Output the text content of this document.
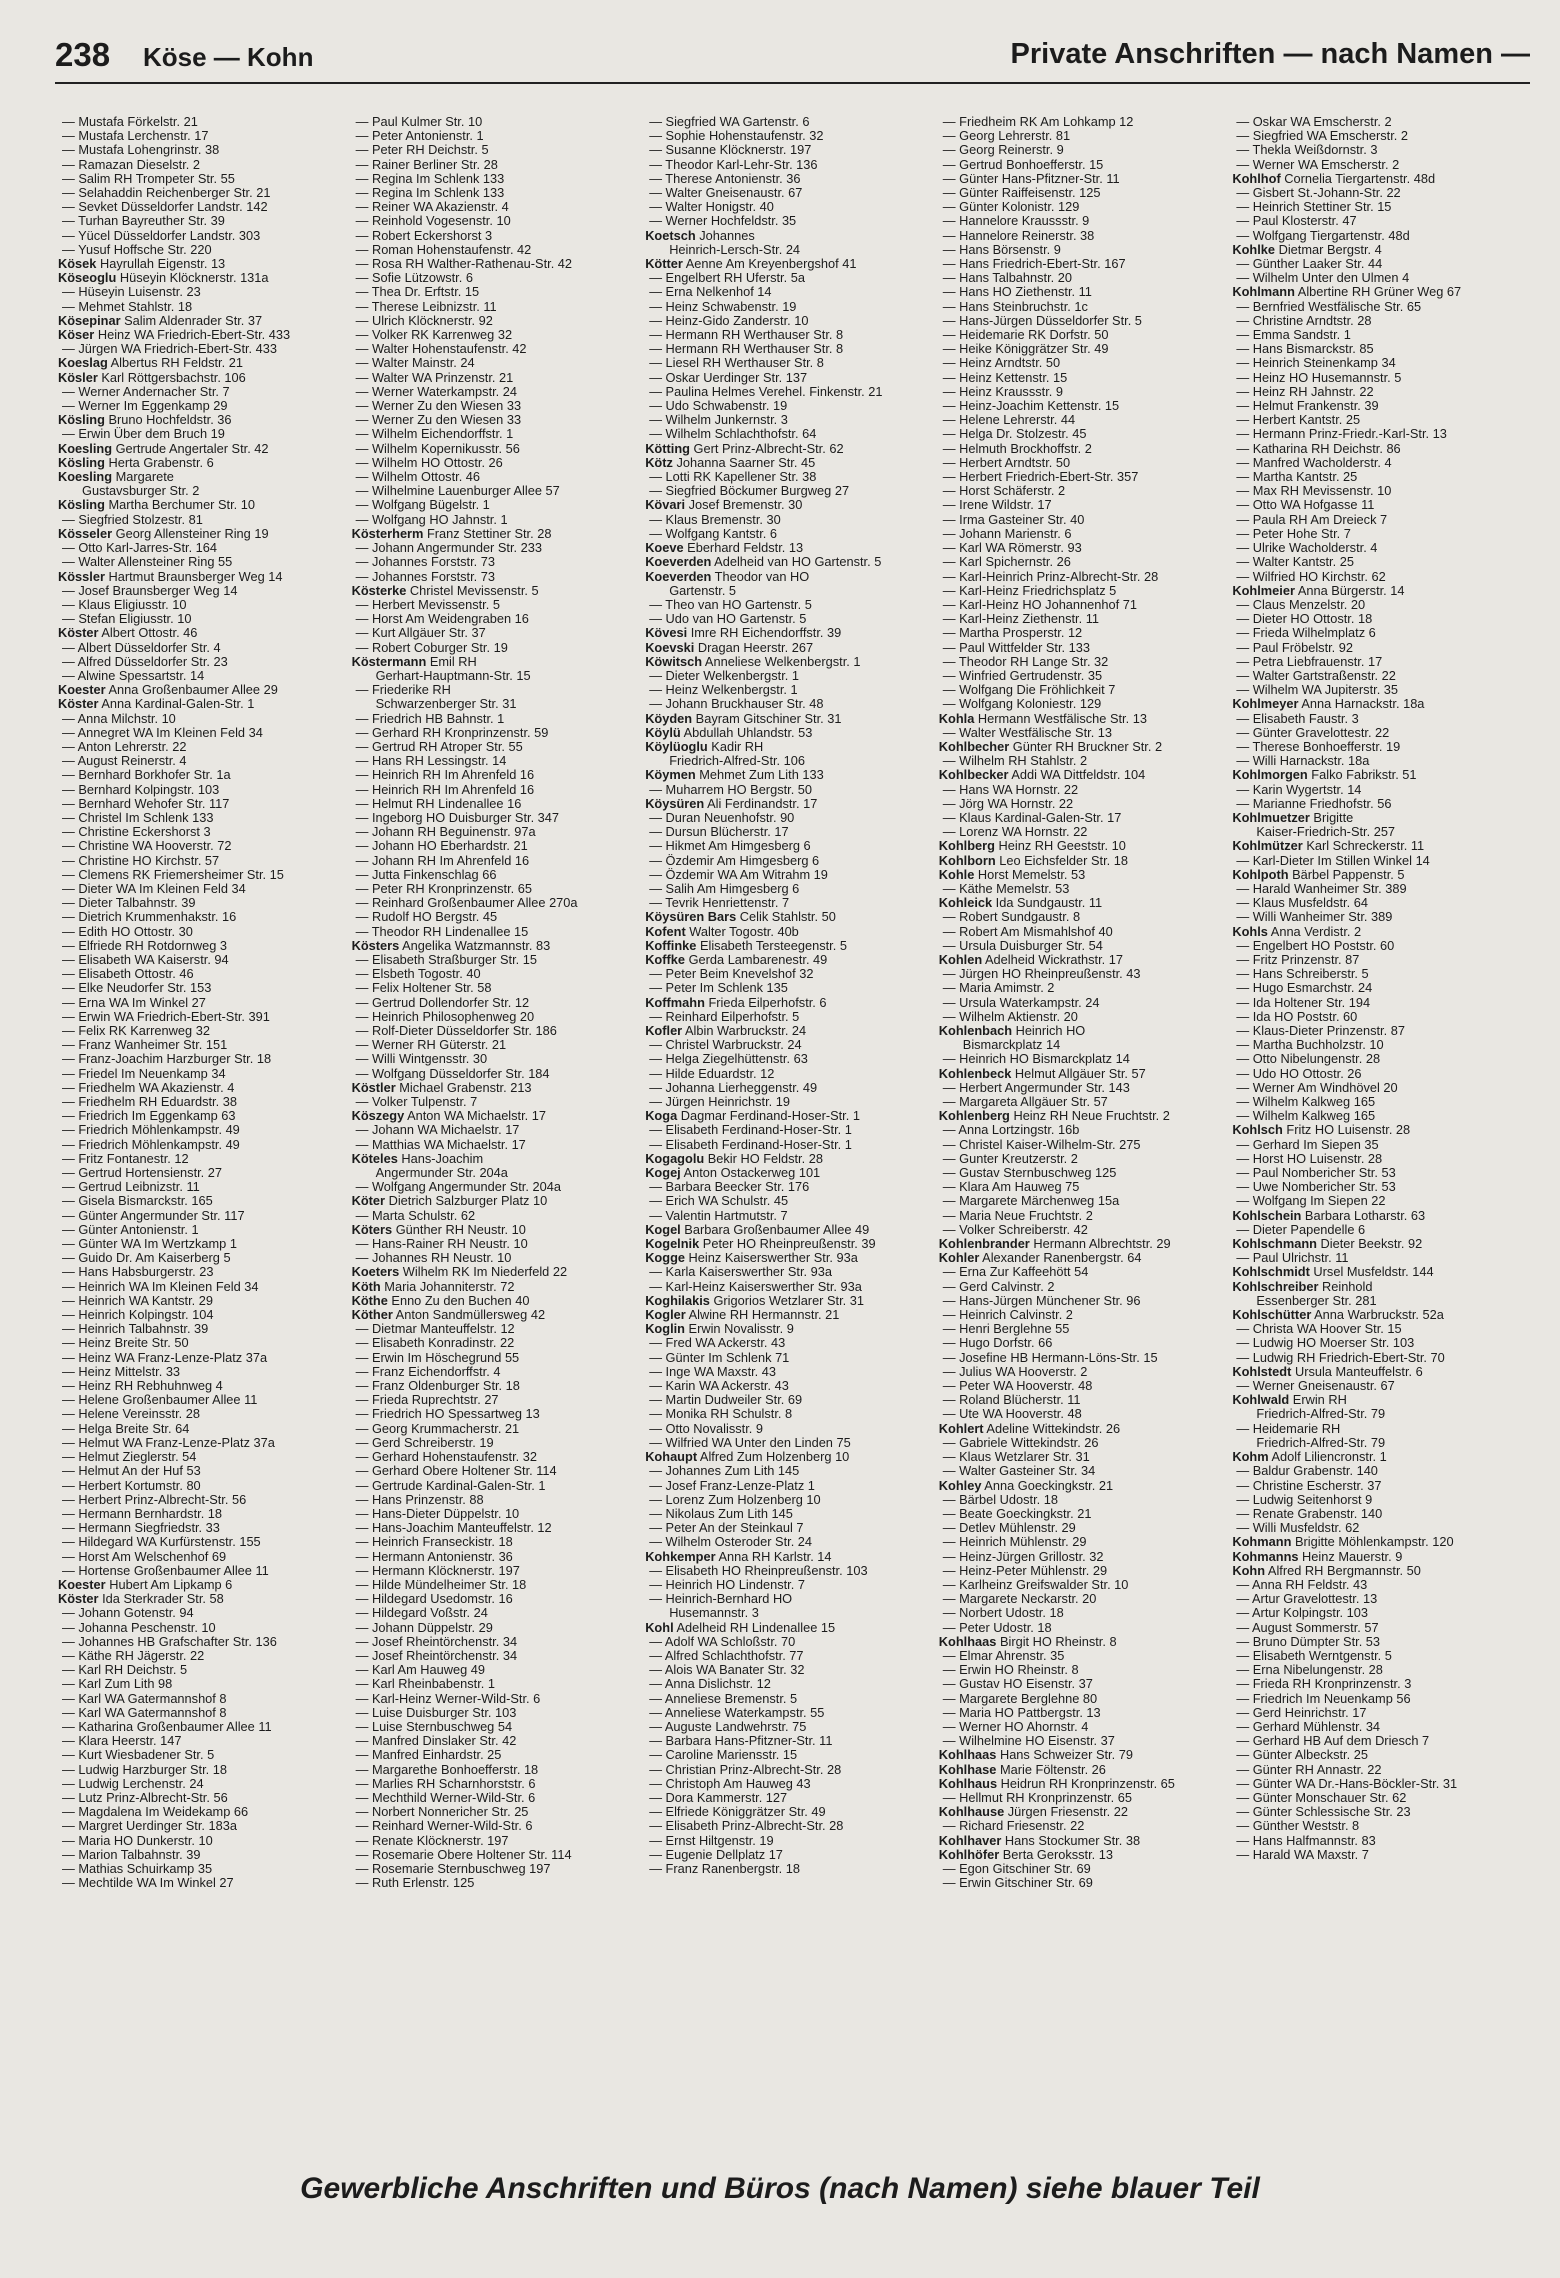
238 Köse — Kohn	Private Anschriften — nach Namen —
— Mustafa Förkelstr. 21
— Mustafa Lerchenstr. 17
— Mustafa Lohengrinstr. 38
— Ramazan Dieselstr. 2
— Salim RH Trompeter Str. 55
— Selahaddin Reichenberger Str. 21
— Sevket Düsseldorfer Landstr. 142
— Turhan Bayreuther Str. 39
— Yücel Düsseldorfer Landstr. 303
— Yusuf Hoffsche Str. 220
Kösek Hayrullah Eigenstr. 13
Köseoglu Hüseyin Klöcknerstr. 131a
— Hüseyin Luisenstr. 23
— Mehmet Stahlstr. 18
Kösepinar Salim Aldenrader Str. 37
Köser Heinz WA Friedrich-Ebert-Str. 433
— Jürgen WA Friedrich-Ebert-Str. 433
Koeslag Albertus RH Feldstr. 21
Kösler Karl Röttgersbachstr. 106
— Werner Andernacher Str. 7
— Werner Im Eggenkamp 29
Kösling Bruno Hochfeldstr. 36
— Erwin Über dem Bruch 19
Koesling Gertrude Angertaler Str. 42
Kösling Herta Grabenstr. 6
Koesling Margarete
Gustavsburger Str. 2
Kösling Martha Berchumer Str. 10
— Siegfried Stolzestr. 81
Kösseler Georg Allensteiner Ring 19
— Otto Karl-Jarres-Str. 164
— Walter Allensteiner Ring 55
Kössler Hartmut Braunsberger Weg 14
— Josef Braunsberger Weg 14
— Klaus Eligiusstr. 10
— Stefan Eligiusstr. 10
Köster Albert Ottostr. 46
— Albert Düsseldorfer Str. 4
— Alfred Düsseldorfer Str. 23
— Alwine Spessartstr. 14
Koester Anna Großenbaumer Allee 29
Köster Anna Kardinal-Galen-Str. 1
— Anna Milchstr. 10
— Annegret WA Im Kleinen Feld 34
— Anton Lehrerstr. 22
— August Reinerstr. 4
— Bernhard Borkhofer Str. 1a
— Bernhard Kolpingstr. 103
— Bernhard Wehofer Str. 117
— Christel Im Schlenk 133
— Christine Eckershorst 3
— Christine WA Hooverstr. 72
— Christine HO Kirchstr. 57
— Clemens RK Friemersheimer Str. 15
— Dieter WA Im Kleinen Feld 34
— Dieter Talbahnstr. 39
— Dietrich Krummenhakstr. 16
— Edith HO Ottostr. 30
— Elfriede RH Rotdornweg 3
— Elisabeth WA Kaiserstr. 94
— Elisabeth Ottostr. 46
— Elke Neudorfer Str. 153
— Erna WA Im Winkel 27
— Erwin WA Friedrich-Ebert-Str. 391
— Felix RK Karrenweg 32
— Franz Wanheimer Str. 151
— Franz-Joachim Harzburger Str. 18
— Friedel Im Neuenkamp 34
— Friedhelm WA Akazienstr. 4
— Friedhelm RH Eduardstr. 38
— Friedrich Im Eggenkamp 63
— Friedrich Möhlenkampstr. 49
— Friedrich Möhlenkampstr. 49
— Fritz Fontanestr. 12
— Gertrud Hortensienstr. 27
— Gertrud Leibnizstr. 11
— Gisela Bismarckstr. 165
— Günter Angermunder Str. 117
— Günter Antonienstr. 1
— Günter WA Im Wertzkamp 1
— Guido Dr. Am Kaiserberg 5
— Hans Habsburgerstr. 23
— Heinrich WA Im Kleinen Feld 34
— Heinrich WA Kantstr. 29
— Heinrich Kolpingstr. 104
— Heinrich Talbahnstr. 39
— Heinz Breite Str. 50
— Heinz WA Franz-Lenze-Platz 37a
— Heinz Mittelstr. 33
— Heinz RH Rebhuhnweg 4
— Helene Großenbaumer Allee 11
— Helene Vereinsstr. 28
— Helga Breite Str. 64
— Helmut WA Franz-Lenze-Platz 37a
— Helmut Zieglerstr. 54
— Helmut An der Huf 53
— Herbert Kortumstr. 80
— Herbert Prinz-Albrecht-Str. 56
— Hermann Bernhardstr. 18
— Hermann Siegfriedstr. 33
— Hildegard WA Kurfürstenstr. 155
— Horst Am Welschenhof 69
— Hortense Großenbaumer Allee 11
Koester Hubert Am Lipkamp 6
Köster Ida Sterkrader Str. 58
— Johann Gotenstr. 94
— Johanna Peschenstr. 10
— Johannes HB Grafschafter Str. 136
— Käthe RH Jägerstr. 22
— Karl RH Deichstr. 5
— Karl Zum Lith 98
— Karl WA Gatermannshof 8
— Karl WA Gatermannshof 8
— Katharina Großenbaumer Allee 11
— Klara Heerstr. 147
— Kurt Wiesbadener Str. 5
— Ludwig Harzburger Str. 18
— Ludwig Lerchenstr. 24
— Lutz Prinz-Albrecht-Str. 56
— Magdalena Im Weidekamp 66
— Margret Uerdinger Str. 183a
— Maria HO Dunkerstr. 10
— Marion Talbahnstr. 39
— Mathias Schuirkamp 35
— Mechtilde WA Im Winkel 27
— Paul Kulmer Str. 10
— Peter Antonienstr. 1
— Peter RH Deichstr. 5
— Rainer Berliner Str. 28
— Regina Im Schlenk 133
— Regina Im Schlenk 133
— Reiner WA Akazienstr. 4
— Reinhold Vogesenstr. 10
— Robert Eckershorst 3
— Roman Hohenstaufenstr. 42
— Rosa RH Walther-Rathenau-Str. 42
— Sofie Lützowstr. 6
— Thea Dr. Erftstr. 15
— Therese Leibnizstr. 11
— Ulrich Klöcknerstr. 92
— Volker RK Karrenweg 32
— Walter Hohenstaufenstr. 42
— Walter Mainstr. 24
— Walter WA Prinzenstr. 21
— Werner Waterkampstr. 24
— Werner Zu den Wiesen 33
— Werner Zu den Wiesen 33
— Wilhelm Eichendorffstr. 1
— Wilhelm Kopernikusstr. 56
— Wilhelm HO Ottostr. 26
— Wilhelm Ottostr. 46
— Wilhelmine Lauenburger Allee 57
— Wolfgang Bügelstr. 1
— Wolfgang HO Jahnstr. 1
Kösterherm Franz Stettiner Str. 28
— Johann Angermunder Str. 233
— Johannes Forststr. 73
— Johannes Forststr. 73
Kösterke Christel Mevissenstr. 5
— Herbert Mevissenstr. 5
— Horst Am Weidengraben 16
— Kurt Allgäuer Str. 37
— Robert Coburger Str. 19
Köstermann Emil RH
Gerhart-Hauptmann-Str. 15
— Friederike RH
Schwarzenberger Str. 31
— Friedrich HB Bahnstr. 1
— Gerhard RH Kronprinzenstr. 59
— Gertrud RH Atroper Str. 55
— Hans RH Lessingstr. 14
— Heinrich RH Im Ahrenfeld 16
— Heinrich RH Im Ahrenfeld 16
— Helmut RH Lindenallee 16
— Ingeborg HO Duisburger Str. 347
— Johann RH Beguinenstr. 97a
— Johann HO Eberhardstr. 21
— Johann RH Im Ahrenfeld 16
— Jutta Finkenschlag 66
— Peter RH Kronprinzenstr. 65
— Reinhard Großenbaumer Allee 270a
— Rudolf HO Bergstr. 45
— Theodor RH Lindenallee 15
Kösters Angelika Watzmannstr. 83
— Elisabeth Straßburger Str. 15
— Elsbeth Togostr. 40
— Felix Holtener Str. 58
— Gertrud Dollendorfer Str. 12
— Heinrich Philosophenweg 20
— Rolf-Dieter Düsseldorfer Str. 186
— Werner RH Güterstr. 21
— Willi Wintgensstr. 30
— Wolfgang Düsseldorfer Str. 184
Köstler Michael Grabenstr. 213
— Volker Tulpenstr. 7
Köszegy Anton WA Michaelstr. 17
— Johann WA Michaelstr. 17
— Matthias WA Michaelstr. 17
Köteles Hans-Joachim
Angermunder Str. 204a
— Wolfgang Angermunder Str. 204a
Köter Dietrich Salzburger Platz 10
— Marta Schulstr. 62
Köters Günther RH Neustr. 10
— Hans-Rainer RH Neustr. 10
— Johannes RH Neustr. 10
Koeters Wilhelm RK Im Niederfeld 22
Köth Maria Johanniterstr. 72
Köthe Enno Zu den Buchen 40
Köther Anton Sandmüllersweg 42
— Dietmar Manteuffelstr. 12
— Elisabeth Konradinstr. 22
— Erwin Im Höschegrund 55
— Franz Eichendorffstr. 4
— Franz Oldenburger Str. 18
— Frieda Ruprechtstr. 27
— Friedrich HO Spessartweg 13
— Georg Krummacherstr. 21
— Gerd Schreiberstr. 19
— Gerhard Hohenstaufenstr. 32
— Gerhard Obere Holtener Str. 114
— Gertrude Kardinal-Galen-Str. 1
— Hans Prinzenstr. 88
— Hans-Dieter Düppelstr. 10
— Hans-Joachim Manteuffelstr. 12
— Heinrich Franseckistr. 18
— Hermann Antonienstr. 36
— Hermann Klöcknerstr. 197
— Hilde Mündelheimer Str. 18
— Hildegard Usedomstr. 16
— Hildegard Voßstr. 24
— Johann Düppelstr. 29
— Josef Rheintörchenstr. 34
— Josef Rheintörchenstr. 34
— Karl Am Hauweg 49
— Karl Rheinbabenstr. 1
— Karl-Heinz Werner-Wild-Str. 6
— Luise Duisburger Str. 103
— Luise Sternbuschweg 54
— Manfred Dinslaker Str. 42
— Manfred Einhardstr. 25
— Margarethe Bonhoefferstr. 18
— Marlies RH Scharnhorststr. 6
— Mechthild Werner-Wild-Str. 6
— Norbert Nonnericher Str. 25
— Reinhard Werner-Wild-Str. 6
— Renate Klöcknerstr. 197
— Rosemarie Obere Holtener Str. 114
— Rosemarie Sternbuschweg 197
— Ruth Erlenstr. 125
— Siegfried WA Gartenstr. 6
— Sophie Hohenstaufenstr. 32
— Susanne Klöcknerstr. 197
— Theodor Karl-Lehr-Str. 136
— Therese Antonienstr. 36
— Walter Gneisenaustr. 67
— Walter Honigstr. 40
— Werner Hochfeldstr. 35
Koetsch Johannes
Heinrich-Lersch-Str. 24
Kötter Aenne Am Kreyenbergshof 41
— Engelbert RH Uferstr. 5a
— Erna Nelkenhof 14
— Heinz Schwabenstr. 19
— Heinz-Gido Zanderstr. 10
— Hermann RH Werthauser Str. 8
— Hermann RH Werthauser Str. 8
— Liesel RH Werthauser Str. 8
— Oskar Uerdinger Str. 137
— Paulina Helmes Verehel. Finkenstr. 21
— Udo Schwabenstr. 19
— Wilhelm Junkernstr. 3
— Wilhelm Schlachthofstr. 64
Kötting Gert Prinz-Albrecht-Str. 62
Kötz Johanna Saarner Str. 45
— Lotti RK Kapellener Str. 38
— Siegfried Böckumer Burgweg 27
Kövari Josef Bremenstr. 30
— Klaus Bremenstr. 30
— Wolfgang Kantstr. 6
Koeve Eberhard Feldstr. 13
Koeverden Adelheid van HO Gartenstr. 5
Koeverden Theodor van HO
Gartenstr. 5
— Theo van HO Gartenstr. 5
— Udo van HO Gartenstr. 5
Kövesi Imre RH Eichendorffstr. 39
Koevski Dragan Heerstr. 267
Köwitsch Anneliese Welkenbergstr. 1
— Dieter Welkenbergstr. 1
— Heinz Welkenbergstr. 1
— Johann Bruckhauser Str. 48
Köyden Bayram Gitschiner Str. 31
Köylü Abdullah Uhlandstr. 53
Köylüoglu Kadir RH
Friedrich-Alfred-Str. 106
Köymen Mehmet Zum Lith 133
— Muharrem HO Bergstr. 50
Köysüren Ali Ferdinandstr. 17
— Duran Neuenhofstr. 90
— Dursun Blücherstr. 17
— Hikmet Am Himgesberg 6
— Özdemir Am Himgesberg 6
— Özdemir WA Am Witrahm 19
— Salih Am Himgesberg 6
— Tevrik Henriettenstr. 7
Köysüren Bars Celik Stahlstr. 50
Kofent Walter Togostr. 40b
Koffinke Elisabeth Tersteegenstr. 5
Koffke Gerda Lambarenestr. 49
— Peter Beim Knevelshof 32
— Peter Im Schlenk 135
Koffmahn Frieda Eilperhofstr. 6
— Reinhard Eilperhofstr. 5
Kofler Albin Warbruckstr. 24
— Christel Warbruckstr. 24
— Helga Ziegelhüttenstr. 63
— Hilde Eduardstr. 12
— Johanna Lierheggenstr. 49
— Jürgen Heinrichstr. 19
Koga Dagmar Ferdinand-Hoser-Str. 1
— Elisabeth Ferdinand-Hoser-Str. 1
— Elisabeth Ferdinand-Hoser-Str. 1
Kogagolu Bekir HO Feldstr. 28
Kogej Anton Ostackerweg 101
— Barbara Beecker Str. 176
— Erich WA Schulstr. 45
— Valentin Hartmutstr. 7
Kogel Barbara Großenbaumer Allee 49
Kogelnik Peter HO Rheinpreußenstr. 39
Kogge Heinz Kaiserswerther Str. 93a
— Karla Kaiserswerther Str. 93a
— Karl-Heinz Kaiserswerther Str. 93a
Koghilakis Grigorios Wetzlarer Str. 31
Kogler Alwine RH Hermannstr. 21
Koglin Erwin Novalisstr. 9
— Fred WA Ackerstr. 43
— Günter Im Schlenk 71
— Inge WA Maxstr. 43
— Karin WA Ackerstr. 43
— Martin Dudweiler Str. 69
— Monika RH Schulstr. 8
— Otto Novalisstr. 9
— Wilfried WA Unter den Linden 75
Kohaupt Alfred Zum Holzenberg 10
— Johannes Zum Lith 145
— Josef Franz-Lenze-Platz 1
— Lorenz Zum Holzenberg 10
— Nikolaus Zum Lith 145
— Peter An der Steinkaul 7
— Wilhelm Osteroder Str. 24
Kohkemper Anna RH Karlstr. 14
— Elisabeth HO Rheinpreußenstr. 103
— Heinrich HO Lindenstr. 7
— Heinrich-Bernhard HO
Husemannstr. 3
Kohl Adelheid RH Lindenallee 15
— Adolf WA Schloßstr. 70
— Alfred Schlachthofstr. 77
— Alois WA Banater Str. 32
— Anna Dislichstr. 12
— Anneliese Bremenstr. 5
— Anneliese Waterkampstr. 55
— Auguste Landwehrstr. 75
— Barbara Hans-Pfitzner-Str. 11
— Caroline Mariensstr. 15
— Christian Prinz-Albrecht-Str. 28
— Christoph Am Hauweg 43
— Dora Kammerstr. 127
— Elfriede Königgrätzer Str. 49
— Elisabeth Prinz-Albrecht-Str. 28
— Ernst Hiltgenstr. 19
— Eugenie Dellplatz 17
— Franz Ranenbergstr. 18
— Friedheim RK Am Lohkamp 12
— Georg Lehrerstr. 81
— Georg Reinerstr. 9
— Gertrud Bonhoefferstr. 15
— Günter Hans-Pfitzner-Str. 11
— Günter Raiffeisenstr. 125
— Günter Kolonistr. 129
— Hannelore Kraussstr. 9
— Hannelore Reinerstr. 38
— Hans Börsenstr. 9
— Hans Friedrich-Ebert-Str. 167
— Hans Talbahnstr. 20
— Hans HO Ziethenstr. 11
— Hans Steinbruchstr. 1c
— Hans-Jürgen Düsseldorfer Str. 5
— Heidemarie RK Dorfstr. 50
— Heike Königgrätzer Str. 49
— Heinz Arndtstr. 50
— Heinz Kettenstr. 15
— Heinz Kraussstr. 9
— Heinz-Joachim Kettenstr. 15
— Helene Lehrerstr. 44
— Helga Dr. Stolzestr. 45
— Helmuth Brockhoffstr. 2
— Herbert Arndtstr. 50
— Herbert Friedrich-Ebert-Str. 357
— Horst Schäferstr. 2
— Irene Wildstr. 17
— Irma Gasteiner Str. 40
— Johann Marienstr. 6
— Karl WA Römerstr. 93
— Karl Spichernstr. 26
— Karl-Heinrich Prinz-Albrecht-Str. 28
— Karl-Heinz Friedrichsplatz 5
— Karl-Heinz HO Johannenhof 71
— Karl-Heinz Ziethenstr. 11
— Martha Prosperstr. 12
— Paul Wittfelder Str. 133
— Theodor RH Lange Str. 32
— Winfried Gertrudenstr. 35
— Wolfgang Die Fröhlichkeit 7
— Wolfgang Koloniestr. 129
Kohla Hermann Westfälische Str. 13
— Walter Westfälische Str. 13
Kohlbecher Günter RH Bruckner Str. 2
— Wilhelm RH Stahlstr. 2
Kohlbecker Addi WA Dittfeldstr. 104
— Hans WA Hornstr. 22
— Jörg WA Hornstr. 22
— Klaus Kardinal-Galen-Str. 17
— Lorenz WA Hornstr. 22
Kohlberg Heinz RH Geeststr. 10
Kohlborn Leo Eichsfelder Str. 18
Kohle Horst Memelstr. 53
— Käthe Memelstr. 53
Kohleick Ida Sundgaustr. 11
— Robert Sundgaustr. 8
— Robert Am Mismahlshof 40
— Ursula Duisburger Str. 54
Kohlen Adelheid Wickrathstr. 17
— Jürgen HO Rheinpreußenstr. 43
— Maria Amimstr. 2
— Ursula Waterkampstr. 24
— Wilhelm Aktienstr. 20
Kohlenbach Heinrich HO
Bismarckplatz 14
— Heinrich HO Bismarckplatz 14
Kohlenbeck Helmut Allgäuer Str. 57
— Herbert Angermunder Str. 143
— Margareta Allgäuer Str. 57
Kohlenberg Heinz RH Neue Fruchtstr. 2
— Anna Lortzingstr. 16b
— Christel Kaiser-Wilhelm-Str. 275
— Gunter Kreutzerstr. 2
— Gustav Sternbuschweg 125
— Klara Am Hauweg 75
— Margarete Märchenweg 15a
— Maria Neue Fruchtstr. 2
— Volker Schreiberstr. 42
Kohlenbrander Hermann Albrechtstr. 29
Kohler Alexander Ranenbergstr. 64
— Erna Zur Kaffeehött 54
— Gerd Calvinstr. 2
— Hans-Jürgen Münchener Str. 96
— Heinrich Calvinstr. 2
— Henri Berglehne 55
— Hugo Dorfstr. 66
— Josefine HB Hermann-Löns-Str. 15
— Julius WA Hooverstr. 2
— Peter WA Hooverstr. 48
— Roland Blücherstr. 11
— Ute WA Hooverstr. 48
Kohlert Adeline Wittekindstr. 26
— Gabriele Wittekindstr. 26
— Klaus Wetzlarer Str. 31
— Walter Gasteiner Str. 34
Kohley Anna Goeckingkstr. 21
— Bärbel Udostr. 18
— Beate Goeckingkstr. 21
— Detlev Mühlenstr. 29
— Heinrich Mühlenstr. 29
— Heinz-Jürgen Grillostr. 32
— Heinz-Peter Mühlenstr. 29
— Karlheinz Greifswalder Str. 10
— Margarete Neckarstr. 20
— Norbert Udostr. 18
— Peter Udostr. 18
Kohlhaas Birgit HO Rheinstr. 8
— Elmar Ahrenstr. 35
— Erwin HO Rheinstr. 8
— Gustav HO Eisenstr. 37
— Margarete Berglehne 80
— Maria HO Pattbergstr. 13
— Werner HO Ahornstr. 4
— Wilhelmine HO Eisenstr. 37
Kohlhaas Hans Schweizer Str. 79
Kohlhase Marie Föltenstr. 26
Kohlhaus Heidrun RH Kronprinzenstr. 65
— Hellmut RH Kronprinzenstr. 65
Kohlhause Jürgen Friesenstr. 22
— Richard Friesenstr. 22
Kohlhaver Hans Stockumer Str. 38
Kohlhöfer Berta Geroksstr. 13
— Egon Gitschiner Str. 69
— Erwin Gitschiner Str. 69
— Oskar WA Emscherstr. 2
— Siegfried WA Emscherstr. 2
— Thekla Weißdornstr. 3
— Werner WA Emscherstr. 2
Kohlhof Cornelia Tiergartenstr. 48d
— Gisbert St.-Johann-Str. 22
— Heinrich Stettiner Str. 15
— Paul Klosterstr. 47
— Wolfgang Tiergartenstr. 48d
Kohlke Dietmar Bergstr. 4
— Günther Laaker Str. 44
— Wilhelm Unter den Ulmen 4
Kohlmann Albertine RH Grüner Weg 67
— Bernfried Westfälische Str. 65
— Christine Arndtstr. 28
— Emma Sandstr. 1
— Hans Bismarckstr. 85
— Heinrich Steinenkamp 34
— Heinz HO Husemannstr. 5
— Heinz RH Jahnstr. 22
— Helmut Frankenstr. 39
— Herbert Kantstr. 25
— Hermann Prinz-Friedr.-Karl-Str. 13
— Katharina RH Deichstr. 86
— Manfred Wacholderstr. 4
— Martha Kantstr. 25
— Max RH Mevissenstr. 10
— Otto WA Hofgasse 11
— Paula RH Am Dreieck 7
— Peter Hohe Str. 7
— Ulrike Wacholderstr. 4
— Walter Kantstr. 25
— Wilfried HO Kirchstr. 62
Kohlmeier Anna Bürgerstr. 14
— Claus Menzelstr. 20
— Dieter HO Ottostr. 18
— Frieda Wilhelmplatz 6
— Paul Fröbelstr. 92
— Petra Liebfrauenstr. 17
— Walter Gartstraßenstr. 22
— Wilhelm WA Jupiterstr. 35
Kohlmeyer Anna Harnackstr. 18a
— Elisabeth Faustr. 3
— Günter Gravelottestr. 22
— Therese Bonhoefferstr. 19
— Willi Harnackstr. 18a
Kohlmorgen Falko Fabrikstr. 51
— Karin Wygertstr. 14
— Marianne Friedhofstr. 56
Kohlmuetzer Brigitte
Kaiser-Friedrich-Str. 257
Kohlmützer Karl Schreckerstr. 11
— Karl-Dieter Im Stillen Winkel 14
Kohlpoth Bärbel Pappenstr. 5
— Harald Wanheimer Str. 389
— Klaus Musfeldstr. 64
— Willi Wanheimer Str. 389
Kohls Anna Verdistr. 2
— Engelbert HO Poststr. 60
— Fritz Prinzenstr. 87
— Hans Schreiberstr. 5
— Hugo Esmarchstr. 24
— Ida Holtener Str. 194
— Ida HO Poststr. 60
— Klaus-Dieter Prinzenstr. 87
— Martha Buchholzstr. 10
— Otto Nibelungenstr. 28
— Udo HO Ottostr. 26
— Werner Am Windhövel 20
— Wilhelm Kalkweg 165
— Wilhelm Kalkweg 165
Kohlsch Fritz HO Luisenstr. 28
— Gerhard Im Siepen 35
— Horst HO Luisenstr. 28
— Paul Nombericher Str. 53
— Uwe Nombericher Str. 53
— Wolfgang Im Siepen 22
Kohlschein Barbara Lotharstr. 63
— Dieter Papendelle 6
Kohlschmann Dieter Beekstr. 92
— Paul Ulrichstr. 11
Kohlschmidt Ursel Musfeldstr. 144
Kohlschreiber Reinhold
Essenberger Str. 281
Kohlschütter Anna Warbruckstr. 52a
— Christa WA Hoover Str. 15
— Ludwig HO Moerser Str. 103
— Ludwig RH Friedrich-Ebert-Str. 70
Kohlstedt Ursula Manteuffelstr. 6
— Werner Gneisenaustr. 67
Kohlwald Erwin RH
Friedrich-Alfred-Str. 79
— Heidemarie RH
Friedrich-Alfred-Str. 79
Kohm Adolf Liliencronstr. 1
— Baldur Grabenstr. 140
— Christine Escherstr. 37
— Ludwig Seitenhorst 9
— Renate Grabenstr. 140
— Willi Musfeldstr. 62
Kohmann Brigitte Möhlenkampstr. 120
Kohmanns Heinz Mauerstr. 9
Kohn Alfred RH Bergmannstr. 50
— Anna RH Feldstr. 43
— Artur Gravelottestr. 13
— Artur Kolpingstr. 103
— August Sommerstr. 57
— Bruno Dümpter Str. 53
— Elisabeth Werntgenstr. 5
— Erna Nibelungenstr. 28
— Frieda RH Kronprinzenstr. 3
— Friedrich Im Neuenkamp 56
— Gerd Heinrichstr. 17
— Gerhard Mühlenstr. 34
— Gerhard HB Auf dem Driesch 7
— Günter Albeckstr. 25
— Günter RH Annastr. 22
— Günter WA Dr.-Hans-Böckler-Str. 31
— Günter Monschauer Str. 62
— Günter Schlessische Str. 23
— Günther Weststr. 8
— Hans Halfmannstr. 83
— Harald WA Maxstr. 7
Gewerbliche Anschriften und Büros (nach Namen) siehe blauer Teil
